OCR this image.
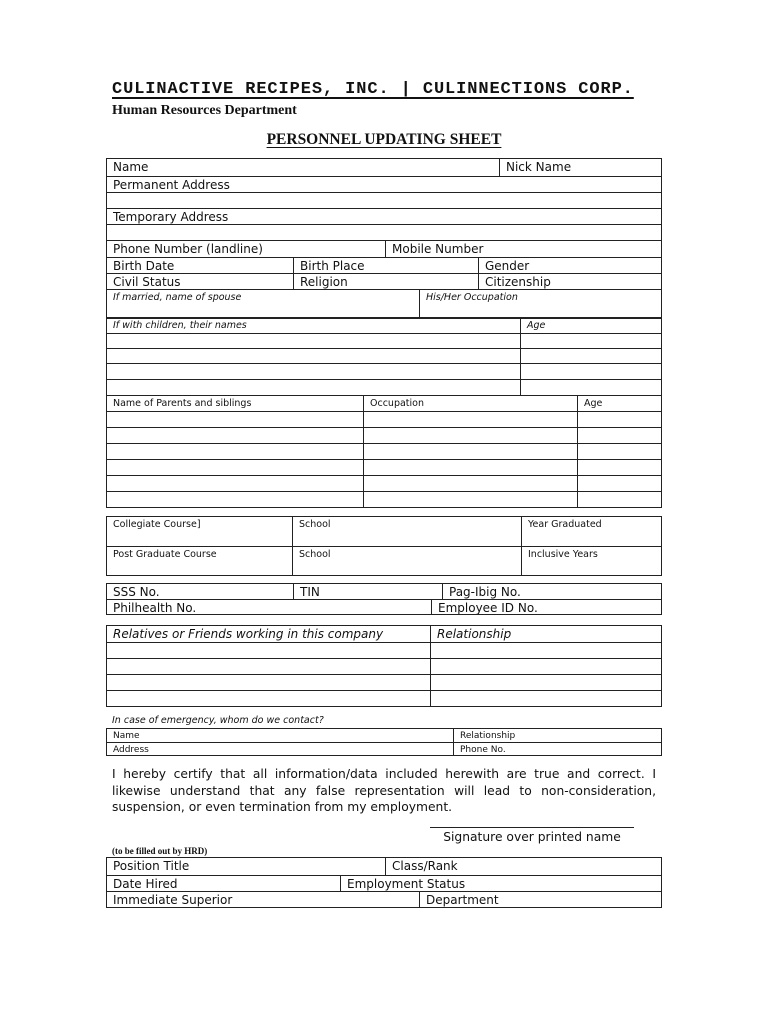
CULINACTIVE RECIPES, INC. | CULINNECTIONS CORP.
Human Resources Department
PERSONNEL UPDATING SHEET
Name	Nick Name
Permanent Address
Temporary Address
Phone Number (landline)	Mobile Number
Birth Date	Birth Place	Gender
Civil Status	Religion	Citizenship
If married, name of spouse	His/Her Occupation
If with children, their names	Age
Name of Parents and siblings	Occupation	Age
Collegiate Course]	School	Year Graduated
Post Graduate Course	School	Inclusive Years
SSS No.	TIN	Pag-Ibig No.
Philhealth No.	Employee ID No.
Relatives or Friends working in this company	Relationship
In case of emergency, whom do we contact?
Name	Relationship
Address	Phone No.
I hereby certify that all information/data included herewith are true and correct. I likewise understand that any false representation will lead to non-consideration, suspension, or even termination from my employment.
Signature over printed name
(to be filled out by HRD)
Position Title	Class/Rank
Date Hired	Employment Status
Immediate Superior	Department
